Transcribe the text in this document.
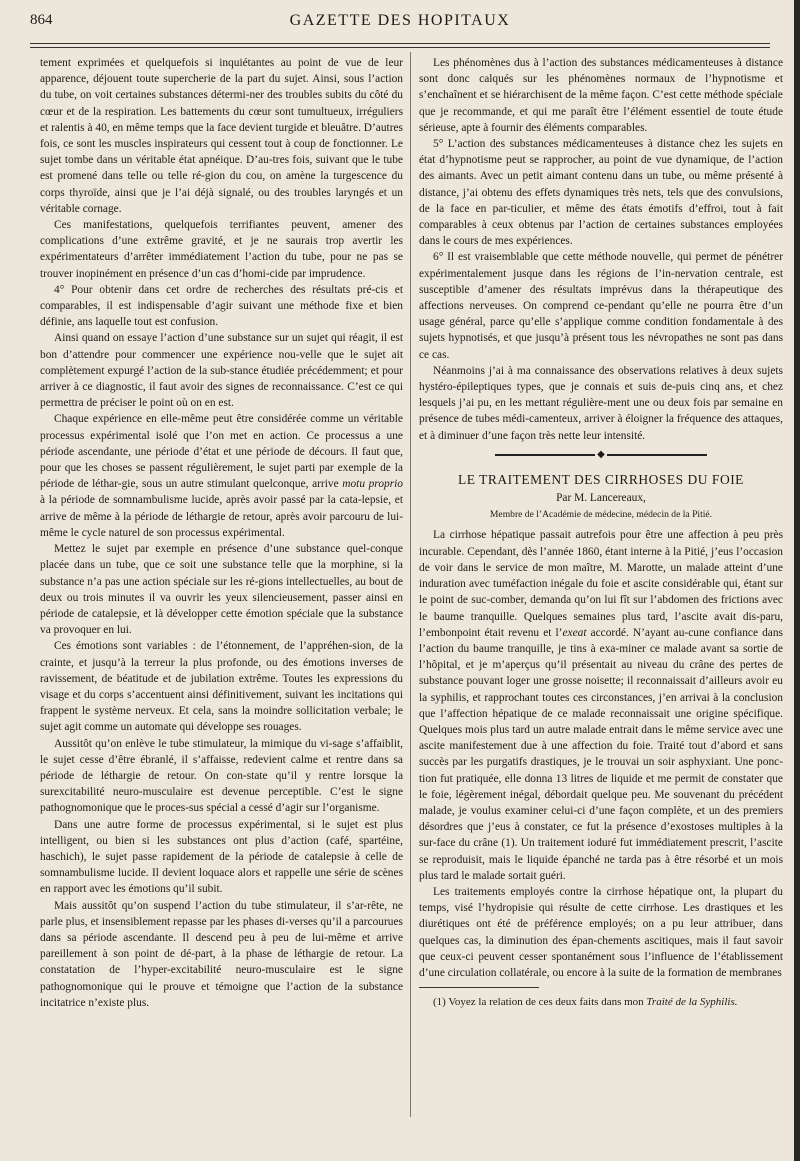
864	GAZETTE DES HOPITAUX

tement exprimées et quelquefois si inquiétantes au point de vue de leur apparence, déjouent toute supercherie de la part du sujet. Ainsi, sous l’action du tube, on voit certaines substances détermi-ner des troubles subits du côté du cœur et de la respiration. Les battements du cœur sont tumultueux, irréguliers et ralentis à 40, en même temps que la face devient turgide et bleuâtre. D’autres fois, ce sont les muscles inspirateurs qui cessent tout à coup de fonctionner. Le sujet tombe dans un véritable état apnéique. D’au-tres fois, suivant que le tube est promené dans telle ou telle ré-gion du cou, on amène la turgescence du corps thyroïde, ainsi que je l’ai déjà signalé, ou des troubles laryngés et un véritable cornage.

Ces manifestations, quelquefois terrifiantes peuvent, amener des complications d’une extrême gravité, et je ne saurais trop avertir les expérimentateurs d’arrêter immédiatement l’action du tube, pour ne pas se trouver inopinément en présence d’un cas d’homi-cide par imprudence.

4° Pour obtenir dans cet ordre de recherches des résultats pré-cis et comparables, il est indispensable d’agir suivant une méthode fixe et bien définie, ans laquelle tout est confusion.

Ainsi quand on essaye l’action d’une substance sur un sujet qui réagit, il est bon d’attendre pour commencer une expérience nou-velle que le sujet ait complètement expurgé l’action de la sub-stance étudiée précédemment; et pour arriver à ce diagnostic, il faut avoir des signes de reconnaissance. C’est ce qui permettra de préciser le point où on en est.

Chaque expérience en elle-même peut être considérée comme un véritable processus expérimental isolé que l’on met en action. Ce processus a une période ascendante, une période d’état et une période de décours. Il faut que, pour que les choses se passent régulièrement, le sujet parti par exemple de la période de léthar-gie, sous un autre stimulant quelconque, arrive motu proprio à la période de somnambulisme lucide, après avoir passé par la cata-lepsie, et arrive de même à la période de léthargie de retour, après avoir parcouru de lui-même le cycle naturel de son processus expérimental.

Mettez le sujet par exemple en présence d’une substance quel-conque placée dans un tube, que ce soit une substance telle que la morphine, si la substance n’a pas une action spéciale sur les ré-gions intellectuelles, au bout de deux ou trois minutes il va ouvrir les yeux silencieusement, passer ainsi en période de catalepsie, et là développer cette émotion spéciale que la substance va provoquer en lui.

Ces émotions sont variables : de l’étonnement, de l’appréhen-sion, de la crainte, et jusqu’à la terreur la plus profonde, ou des émotions inverses de ravissement, de béatitude et de jubilation extrême. Toutes les expressions du visage et du corps s’accentuent ainsi définitivement, suivant les incitations qui frappent le système nerveux. Et cela, sans la moindre sollicitation verbale; le sujet agit comme un automate qui développe ses rouages.

Aussitôt qu’on enlève le tube stimulateur, la mimique du vi-sage s’affaiblit, le sujet cesse d’être ébranlé, il s’affaisse, redevient calme et rentre dans sa période de léthargie de retour. On con-state qu’il y rentre lorsque la surexcitabilité neuro-musculaire est devenue perceptible. C’est le signe pathognomonique que le proces-sus spécial a cessé d’agir sur l’organisme.

Dans une autre forme de processus expérimental, si le sujet est plus intelligent, ou bien si les substances ont plus d’action (café, spartéine, haschich), le sujet passe rapidement de la période de catalepsie à celle de somnambulisme lucide. Il devient loquace alors et rappelle une série de scènes en rapport avec les émotions qu’il subit.

Mais aussitôt qu’on suspend l’action du tube stimulateur, il s’ar-rête, ne parle plus, et insensiblement repasse par les phases di-verses qu’il a parcourues dans sa période ascendante. Il descend peu à peu de lui-même et arrive pareillement à son point de dé-part, à la phase de léthargie de retour. La constatation de l’hyper-excitabilité neuro-musculaire est le signe pathognomonique qui le prouve et témoigne que l’action de la substance incitatrice n’existe plus.

Les phénomènes dus à l’action des substances médicamenteuses à distance sont donc calqués sur les phénomènes normaux de l’hypnotisme et s’enchaînent et se hiérarchisent de la même façon. C’est cette méthode spéciale que je recommande, et qui me paraît être l’élément essentiel de toute étude sérieuse, apte à fournir des éléments comparables.

5° L’action des substances médicamenteuses à distance chez les sujets en état d’hypnotisme peut se rapprocher, au point de vue dynamique, de l’action des aimants. Avec un petit aimant contenu dans un tube, ou même présenté à distance, j’ai obtenu des effets dynamiques très nets, tels que des convulsions, de la face en par-ticulier, et même des états émotifs d’effroi, tout à fait comparables à ceux obtenus par l’action de certaines substances employées dans le cours de mes expériences.

6° Il est vraisemblable que cette méthode nouvelle, qui permet de pénétrer expérimentalement jusque dans les régions de l’in-nervation centrale, est susceptible d’amener des résultats imprévus dans la thérapeutique des affections nerveuses. On comprend ce-pendant qu’elle ne pourra être d’un usage général, parce qu’elle s’applique comme condition fondamentale à des sujets hypnotisés, et que jusqu’à présent tous les névropathes ne sont pas dans ce cas.

Néanmoins j’ai à ma connaissance des observations relatives à deux sujets hystéro-épileptiques types, que je connais et suis de-puis cinq ans, et chez lesquels j’ai pu, en les mettant régulière-ment une ou deux fois par semaine en présence de tubes médi-camenteux, arriver à éloigner la fréquence des attaques, et à diminuer d’une façon très nette leur intensité.

◆
LE TRAITEMENT DES CIRRHOSES DU FOIE
Par M. Lancereaux,
Membre de l’Académie de médecine, médecin de la Pitié.

La cirrhose hépatique passait autrefois pour être une affection à peu près incurable. Cependant, dès l’année 1860, étant interne à la Pitié, j’eus l’occasion de voir dans le service de mon maître, M. Marotte, un malade atteint d’une induration avec tuméfaction inégale du foie et ascite considérable qui, étant sur le point de suc-comber, demanda qu’on lui fît sur l’abdomen des frictions avec le baume tranquille. Quelques semaines plus tard, l’ascite avait dis-paru, l’embonpoint était revenu et l’exeat accordé. N’ayant au-cune confiance dans l’action du baume tranquille, je tins à exa-miner ce malade avant sa sortie de l’hôpital, et je m’aperçus qu’il présentait au niveau du crâne des pertes de substance pouvant loger une grosse noisette; il reconnaissait d’ailleurs avoir eu la syphilis, et rapprochant toutes ces circonstances, j’en arrivai à la conclusion que l’affection hépatique de ce malade reconnaissait une origine spécifique. Quelques mois plus tard un autre malade entrait dans le même service avec une ascite manifestement due à une affection du foie. Traité tout d’abord et sans succès par les purgatifs drastiques, je le trouvai un soir asphyxiant. Une ponc-tion fut pratiquée, elle donna 13 litres de liquide et me permit de constater que le foie, légèrement inégal, débordait quelque peu. Me souvenant du précédent malade, je voulus examiner celui-ci d’une façon complète, et un des premiers désordres que j’eus à constater, ce fut la présence d’exostoses multiples à la sur-face du crâne (1). Un traitement ioduré fut immédiatement prescrit, l’ascite se reproduisit, mais le liquide épanché ne tarda pas à être résorbé et un mois plus tard le malade sortait guéri.

Les traitements employés contre la cirrhose hépatique ont, la plupart du temps, visé l’hydropisie qui résulte de cette cirrhose. Les drastiques et les diurétiques ont été de préférence employés; on a pu leur attribuer, dans quelques cas, la diminution des épan-chements ascitiques, mais il faut savoir que ceux-ci peuvent cesser spontanément sous l’influence de l’établissement d’une circulation collatérale, ou encore à la suite de la formation de membranes

(1) Voyez la relation de ces deux faits dans mon Traité de la Syphilis.
